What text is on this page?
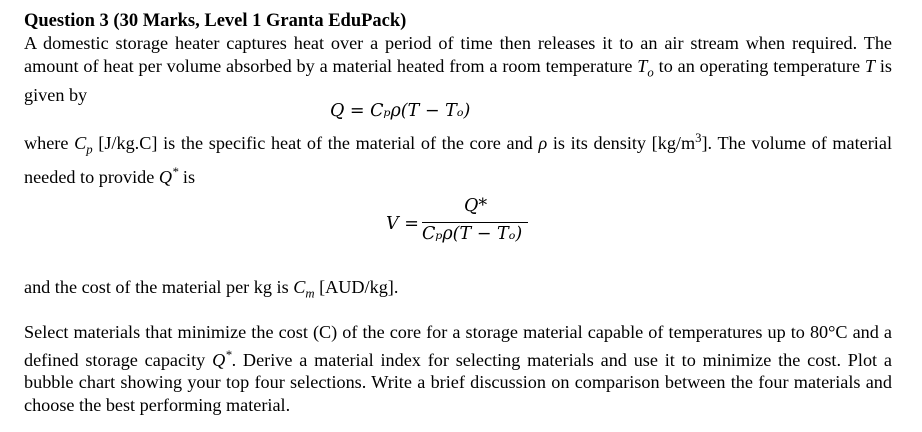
Question 3 (30 Marks, Level 1 Granta EduPack)

A domestic storage heater captures heat over a period of time then releases it to an air stream when required. The amount of heat per volume absorbed by a material heated from a room temperature $T_o$ to an operating temperature T is given by

Q = Cₚρ(T − Tₒ)

where $C_p$ [J/kg.C] is the specific heat of the material of the core and ρ is its density $[kg/m^3]$. The volume of material needed to provide Q* is

V =
Q*
Cₚρ(T − Tₒ)

and the cost of the material per kg is $C_m$ [AUD/kg].

Select materials that minimize the cost (C) of the core for a storage material capable of temperatures up to 80°C and a defined storage capacity Q*. Derive a material index for selecting materials and use it to minimize the cost. Plot a bubble chart showing your top four selections. Write a brief discussion on comparison between the four materials and choose the best performing material.
